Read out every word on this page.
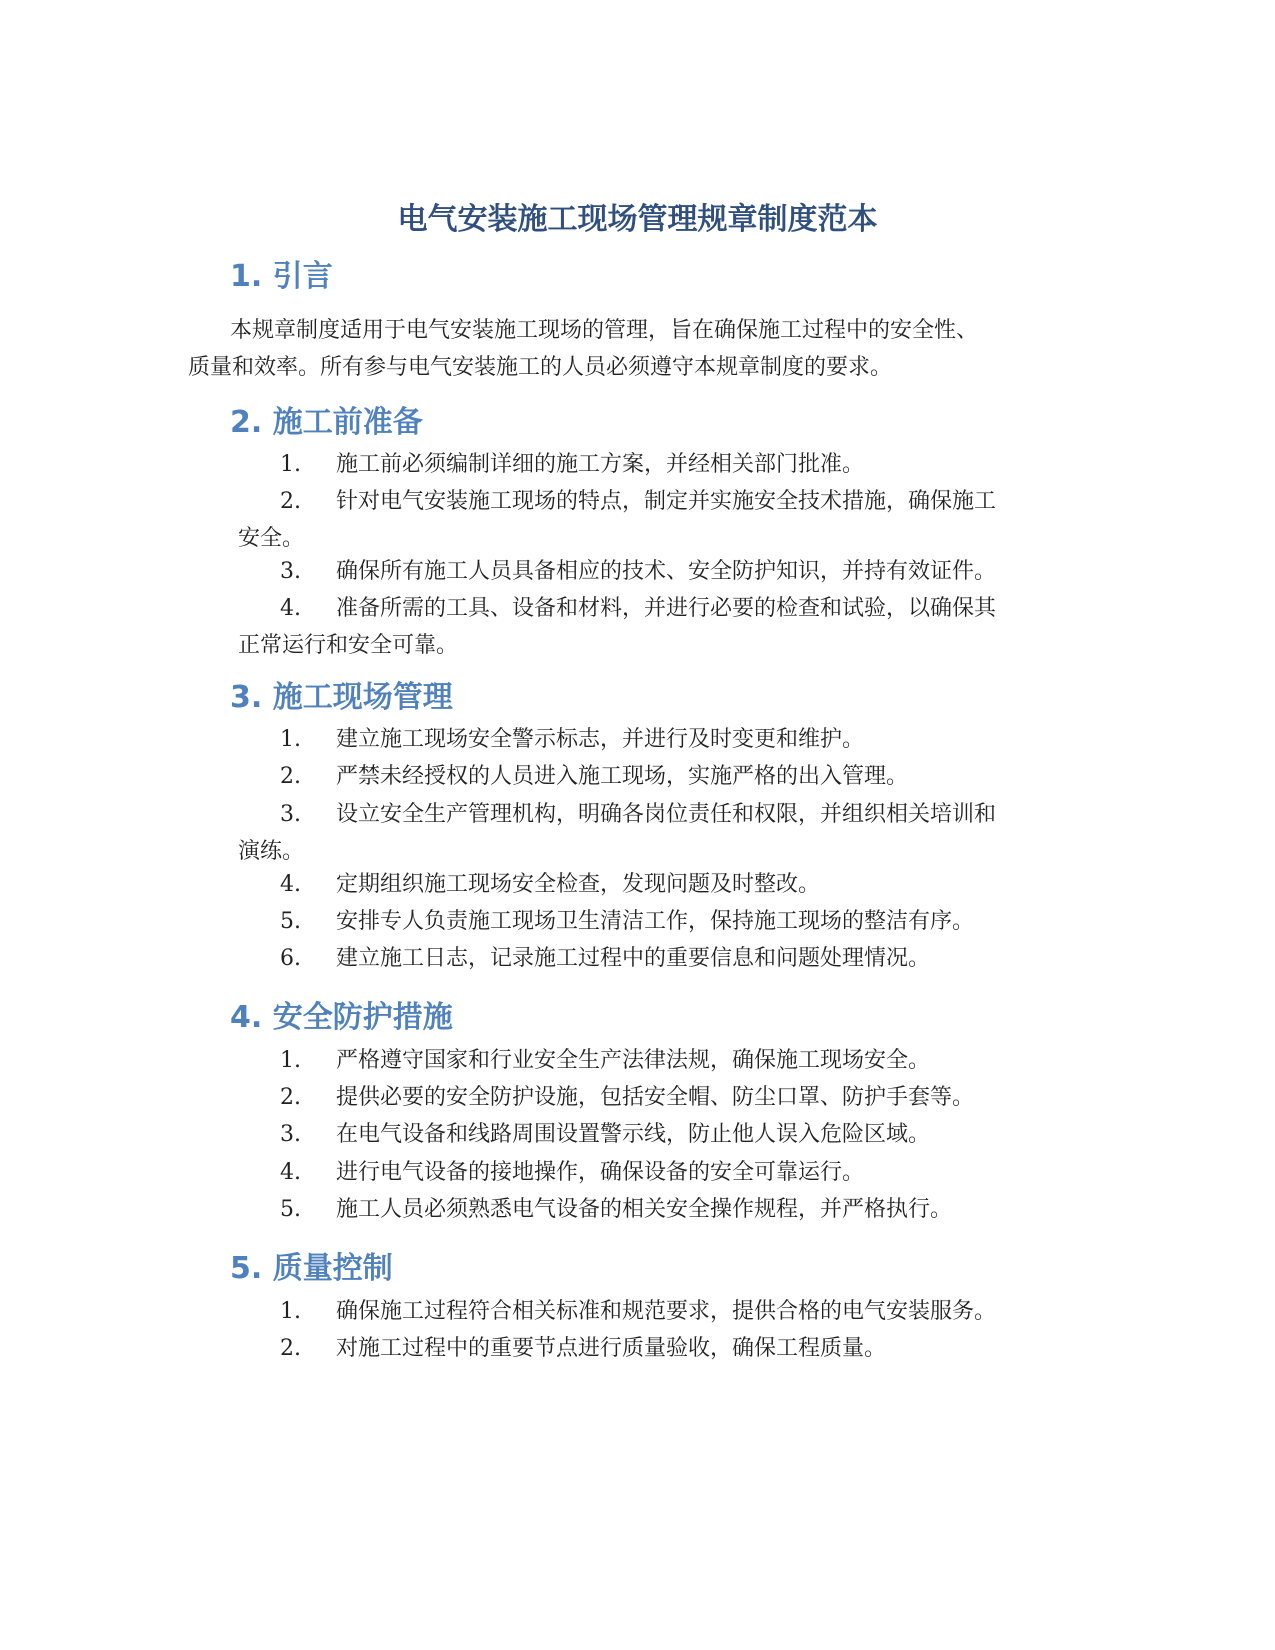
电气安装施工现场管理规章制度范本
1. 引言

本规章制度适用于电气安装施工现场的管理，旨在确保施工过程中的安全性、
质量和效率。所有参与电气安装施工的人员必须遵守本规章制度的要求。

2. 施工前准备
1. 施工前必须编制详细的施工方案，并经相关部门批准。
2. 针对电气安装施工现场的特点，制定并实施安全技术措施，确保施工
安全。
3. 确保所有施工人员具备相应的技术、安全防护知识，并持有效证件。
4. 准备所需的工具、设备和材料，并进行必要的检查和试验，以确保其
正常运行和安全可靠。
3. 施工现场管理
1. 建立施工现场安全警示标志，并进行及时变更和维护。
2. 严禁未经授权的人员进入施工现场，实施严格的出入管理。
3. 设立安全生产管理机构，明确各岗位责任和权限，并组织相关培训和
演练。
4. 定期组织施工现场安全检查，发现问题及时整改。
5. 安排专人负责施工现场卫生清洁工作，保持施工现场的整洁有序。
6. 建立施工日志，记录施工过程中的重要信息和问题处理情况。
4. 安全防护措施
1. 严格遵守国家和行业安全生产法律法规，确保施工现场安全。
2. 提供必要的安全防护设施，包括安全帽、防尘口罩、防护手套等。
3. 在电气设备和线路周围设置警示线，防止他人误入危险区域。
4. 进行电气设备的接地操作，确保设备的安全可靠运行。
5. 施工人员必须熟悉电气设备的相关安全操作规程，并严格执行。
5. 质量控制
1. 确保施工过程符合相关标准和规范要求，提供合格的电气安装服务。
2. 对施工过程中的重要节点进行质量验收，确保工程质量。
